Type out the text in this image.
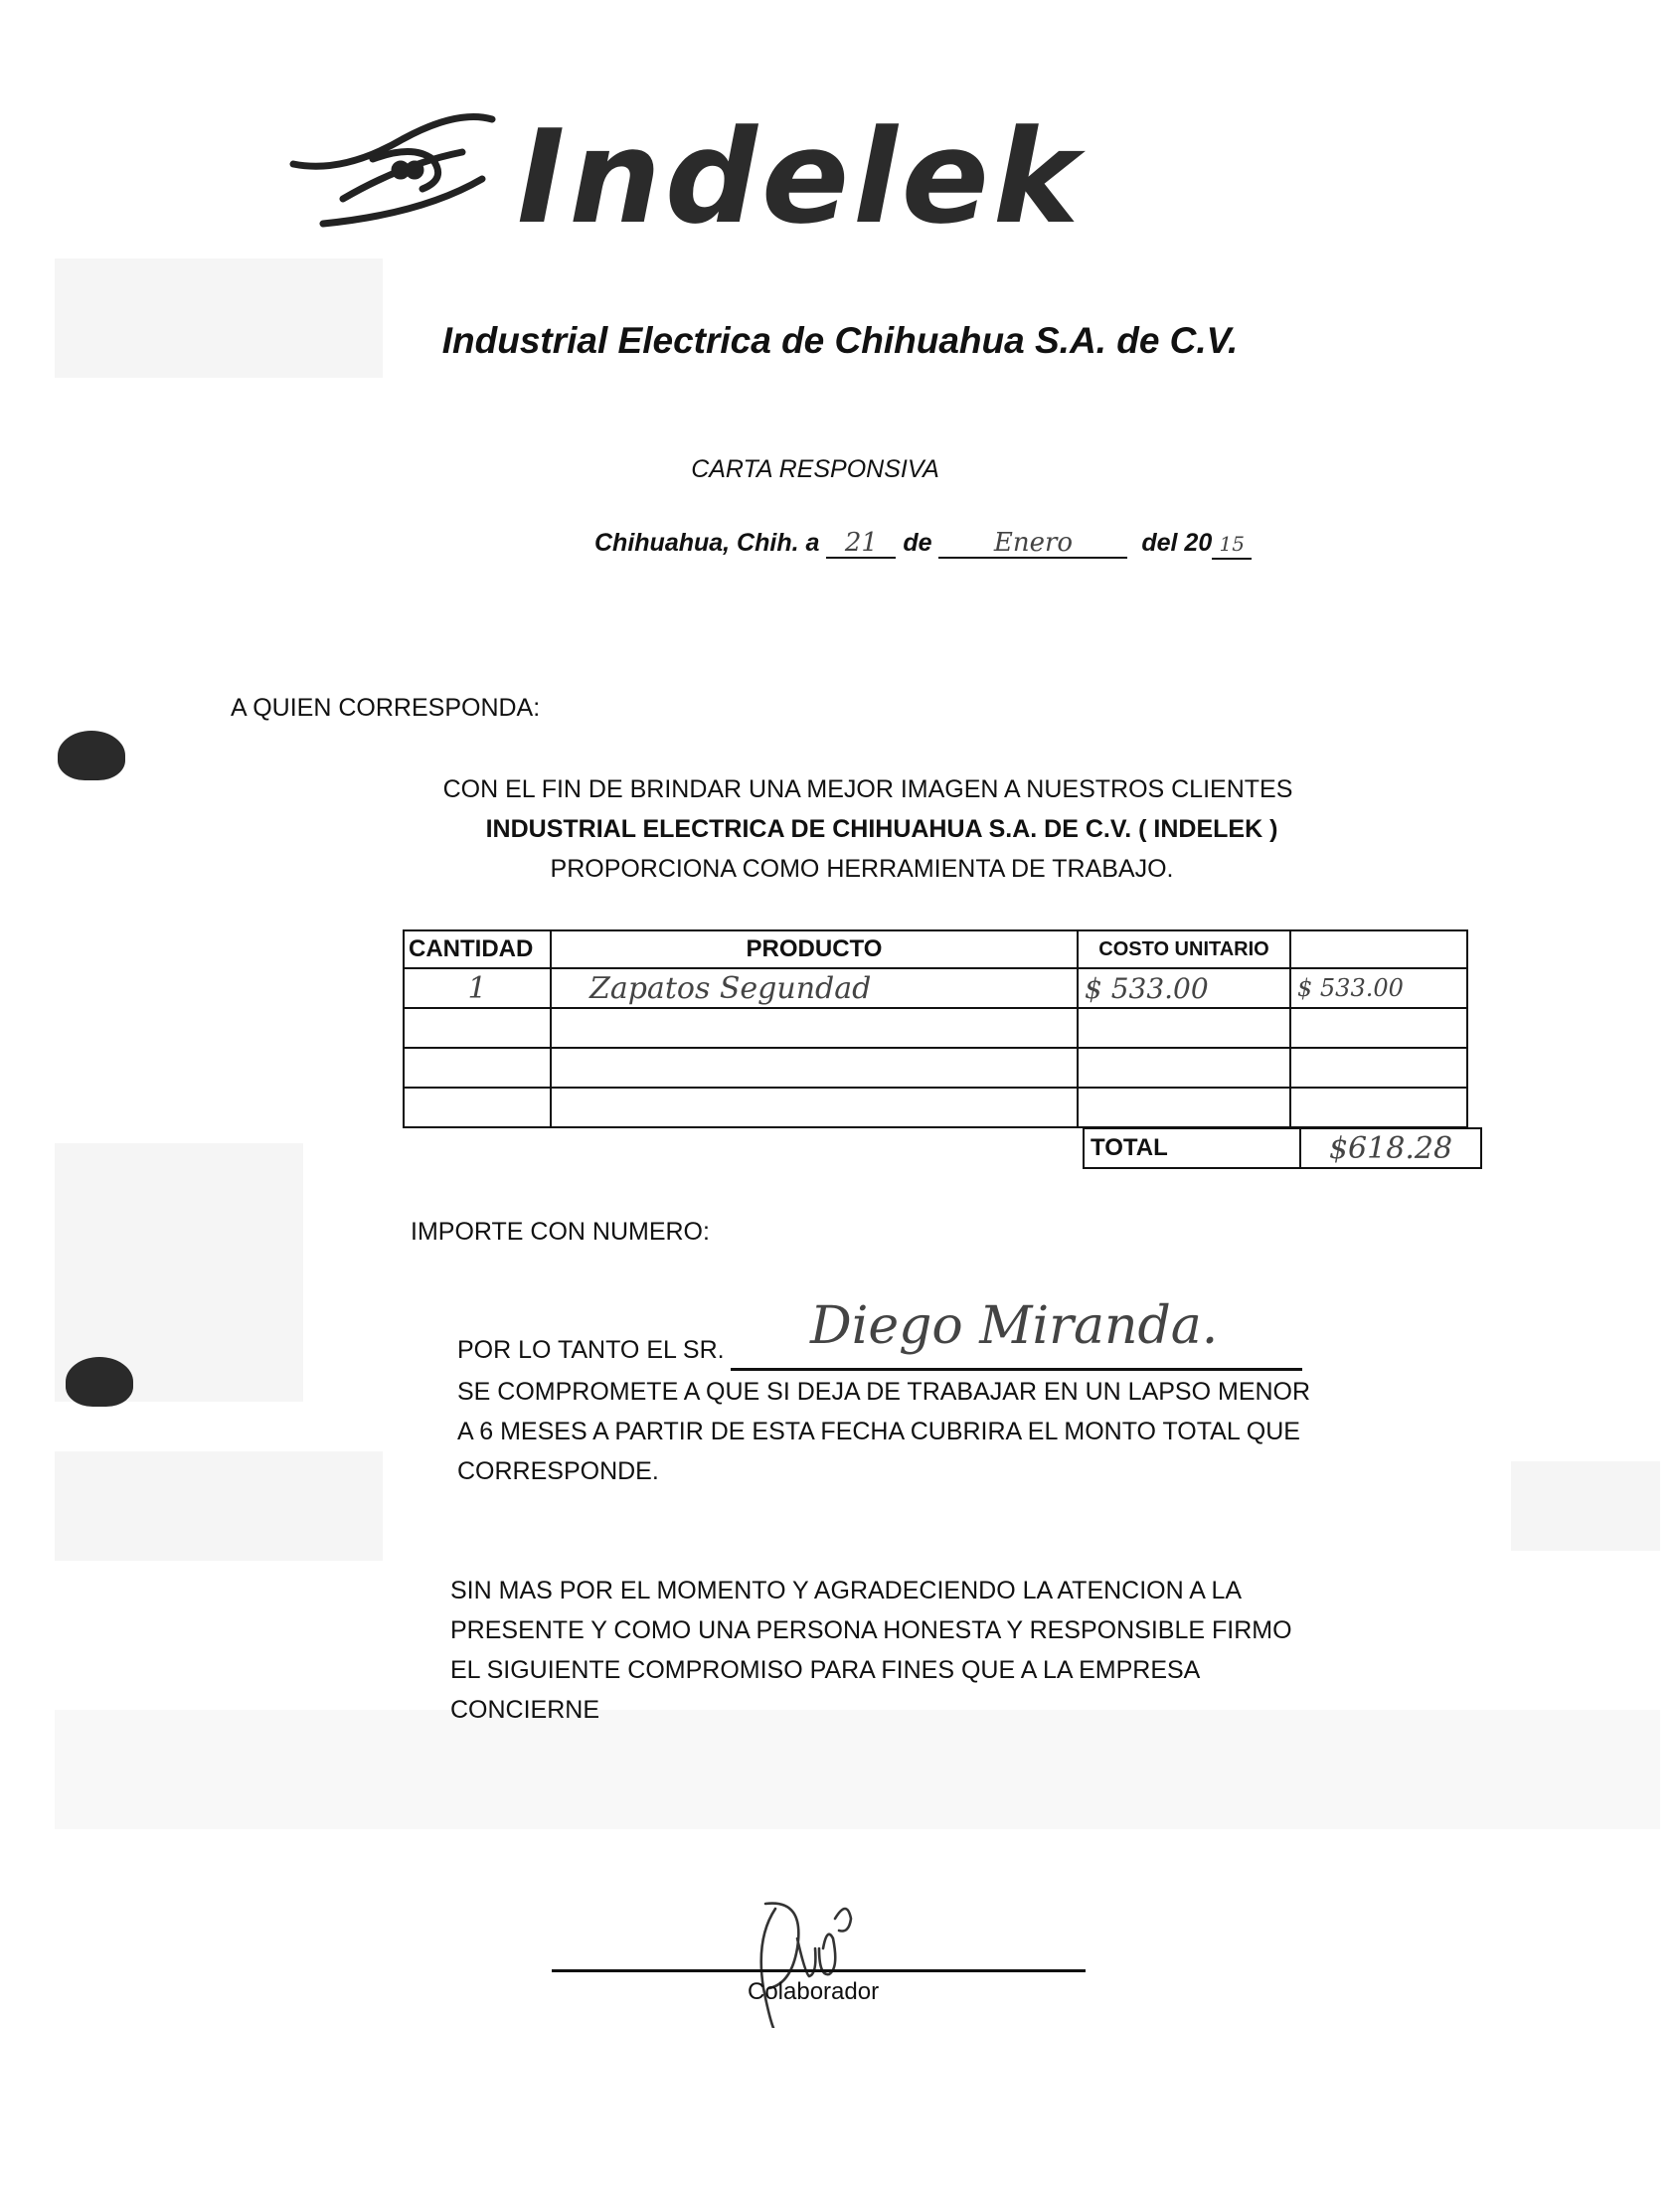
Indelek
Industrial Electrica de Chihuahua S.A. de C.V.
CARTA RESPONSIVA
Chihuahua, Chih. a 21 de Enero	del 20 15
A QUIEN CORRESPONDA:
CON EL FIN DE BRINDAR UNA MEJOR IMAGEN A NUESTROS CLIENTES
INDUSTRIAL ELECTRICA DE CHIHUAHUA S.A. DE C.V. ( INDELEK )
PROPORCIONA COMO HERRAMIENTA DE TRABAJO.
CANTIDAD	PRODUCTO	COSTO UNITARIO	
1	Zapatos Segundad	$ 533.00	$ 533.00

TOTAL	$618.28
IMPORTE CON NUMERO:
POR LO TANTO EL SR. Diego Miranda.
SE COMPROMETE A QUE SI DEJA DE TRABAJAR EN UN LAPSO MENOR
A 6 MESES A PARTIR DE ESTA FECHA CUBRIRA EL MONTO TOTAL QUE
CORRESPONDE.
SIN MAS POR EL MOMENTO Y AGRADECIENDO LA ATENCION A LA
PRESENTE Y COMO UNA PERSONA HONESTA Y RESPONSIBLE FIRMO
EL SIGUIENTE COMPROMISO PARA FINES QUE A LA EMPRESA
CONCIERNE
Colaborador
